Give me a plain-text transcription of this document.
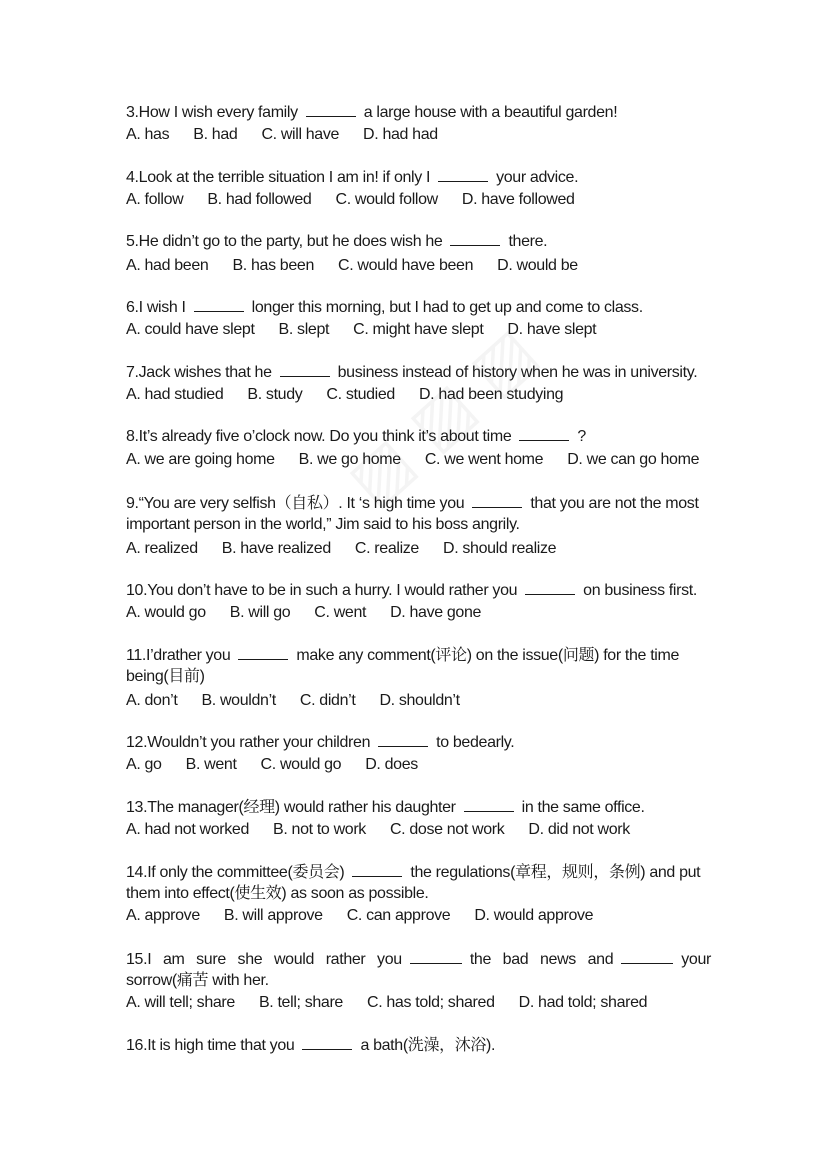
3.How I wish every family	a large house with a beautiful garden!
A. has B. had C. will have D. had had
4.Look at the terrible situation I am in! if only I	your advice.
A. follow B. had followed C. would follow D. have followed
5.He didn’t go to the party, but he does wish he	there.
A. had been B. has been C. would have been D. would be
6.I wish I	longer this morning, but I had to get up and come to class.
A. could have slept B. slept C. might have slept D. have slept
7.Jack wishes that he	business instead of history when he was in university.
A. had studied B. study C. studied D. had been studying
8.It’s already five o’clock now. Do you think it’s about time	?
A. we are going home B. we go home C. we went home D. we can go home
9.“You are very selfish（自私）. It ‘s high time you	that you are not the most important person in the world,” Jim said to his boss angrily.
A. realized B. have realized C. realize D. should realize
10.You don’t have to be in such a hurry. I would rather you	on business first.
A. would go B. will go C. went D. have gone
11.I’drather you	make any comment(评论) on the issue(问题) for the time being(目前)
A. don’t B. wouldn’t C. didn’t D. shouldn’t
12.Wouldn’t you rather your children	to bedearly.
A. go B. went C. would go D. does
13.The manager(经理) would rather his daughter	in the same office.
A. had not worked B. not to work C. dose not work D. did not work
14.If only the committee(委员会)	the regulations(章程，规则，条例) and put them into effect(使生效) as soon as possible.
A. approve B. will approve C. can approve D. would approve
15.I am sure she would rather you	the bad news and	your sorrow(痛苦 with her.
A. will tell; share B. tell; share C. has told; shared D. had told; shared
16.It is high time that you	a bath(洗澡，沐浴).
